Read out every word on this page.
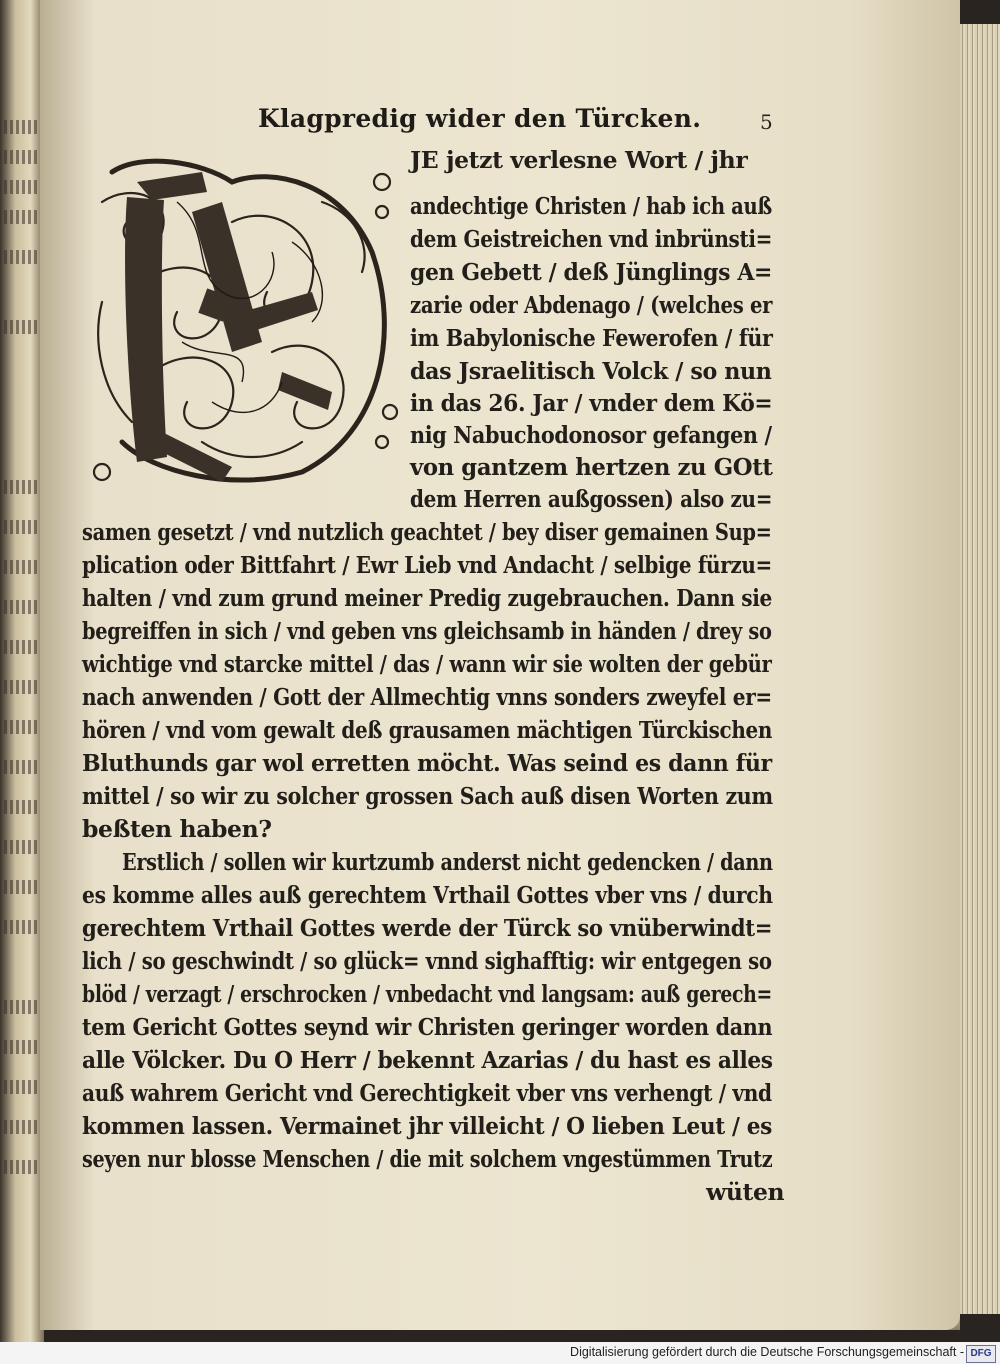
Klagpredig wider den Türcken.	5
JE jetzt verlesne Wort / jhr
andechtige Christen / hab ich auß
dem Geistreichen vnd inbrünsti=
gen Gebett / deß Jünglings A=
zarie oder Abdenago / (welches er
im Babylonische Fewerofen / für
das Jsraelitisch Volck / so nun
in das 26. Jar / vnder dem Kö=
nig Nabuchodonosor gefangen /
von gantzem hertzen zu GOtt
dem Herren außgossen) also zu=
samen gesetzt / vnd nutzlich geachtet / bey diser gemainen Sup=
plication oder Bittfahrt / Ewr Lieb vnd Andacht / selbige fürzu=
halten / vnd zum grund meiner Predig zugebrauchen. Dann sie
begreiffen in sich / vnd geben vns gleichsamb in händen / drey so
wichtige vnd starcke mittel / das / wann wir sie wolten der gebür
nach anwenden / Gott der Allmechtig vnns sonders zweyfel er=
hören / vnd vom gewalt deß grausamen mächtigen Türckischen
Bluthunds gar wol erretten möcht. Was seind es dann für
mittel / so wir zu solcher grossen Sach auß disen Worten zum
beßten haben?
Erstlich / sollen wir kurtzumb anderst nicht gedencken / dann
es komme alles auß gerechtem Vrthail Gottes vber vns / durch
gerechtem Vrthail Gottes werde der Türck so vnüberwindt=
lich / so geschwindt / so glück= vnnd sighafftig: wir entgegen so
blöd / verzagt / erschrocken / vnbedacht vnd langsam: auß gerech=
tem Gericht Gottes seynd wir Christen geringer worden dann
alle Völcker. Du O Herr / bekennt Azarias / du hast es alles
auß wahrem Gericht vnd Gerechtigkeit vber vns verhengt / vnd
kommen lassen. Vermainet jhr villeicht / O lieben Leut / es
seyen nur blosse Menschen / die mit solchem vngestümmen Trutz
wüten
Digitalisierung gefördert durch die Deutsche Forschungsgemeinschaft - DFG
